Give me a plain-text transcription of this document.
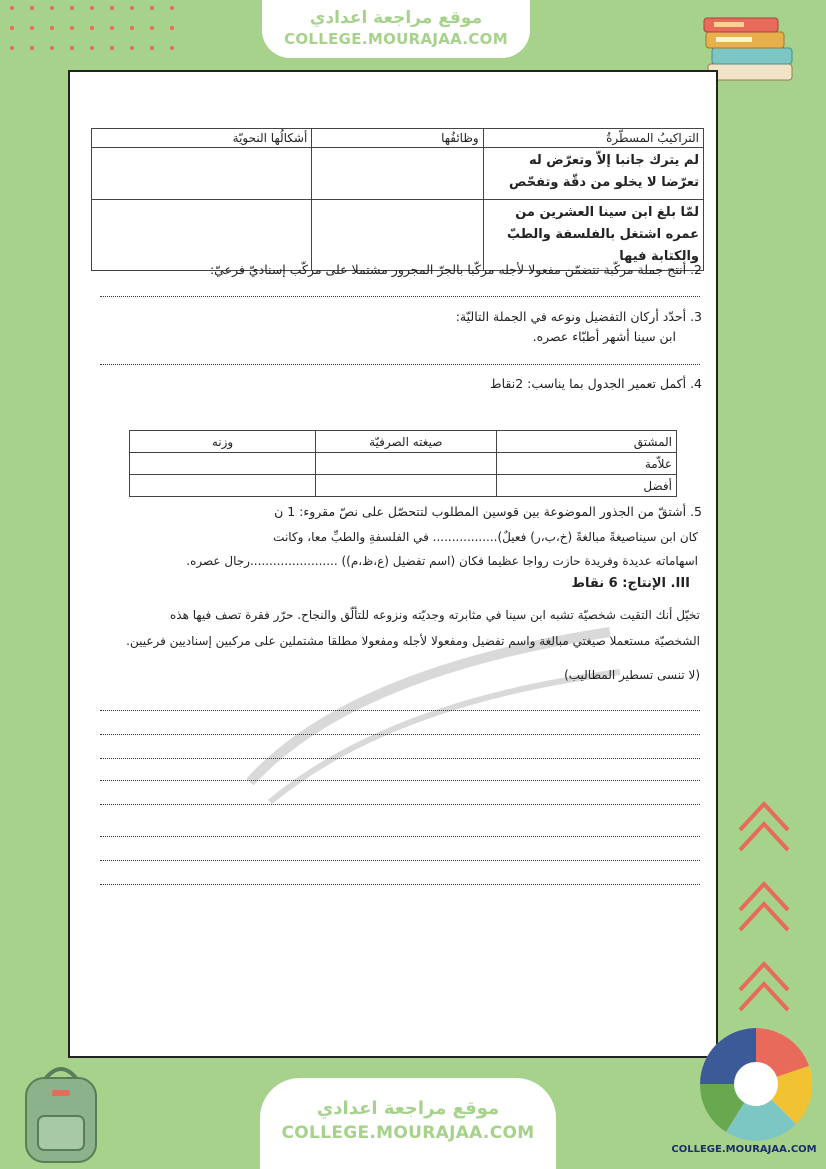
موقع مراجعة اعدادي
COLLEGE.MOURAJAA.COM
التراكيبُ المسطّرةُ	وظائفُها	أشكالُها النحويّة
لم يترك جانبا إلاّ وتعرّض له تعرّضا لا يخلو من دقّة وتفحّص		
لمّا بلغ ابن سينا العشرين من عمره اشتغل بالفلسفة والطبّ والكتابة فيها		
2. أنتج جملة مركّبة تتضمّن مفعولا لأجله مركّبا بالجرّ المجرور مشتملا على مركّب إسناديّ فرعيّ:
3. أحدّد أركان التفضيل ونوعه في الجملة التاليّة:
ابن سينا أشهر أطبّاء عصره.
4. أكمل تعمير الجدول بما يناسب: 2نقاط
المشتق	صيغته الصرفيّة	وزنه
علاّمة		
أفضل		
5. أشتقّ من الجذور الموضوعة بين قوسين المطلوب لتتحصّل على نصّ مقروء: 1 ن
كان ابن سيناصيغةً مبالغةً (خ،ب،ر) فعيلٌ)................. في الفلسفةِ والطبِّ معا، وكانت
اسهاماته عديدة وفريدة حازت رواجا عظيما فكان (اسم تفضيل (ع،ظ،م)) .......................رجال عصره.
III. الإنتاج: 6 نقاط
تخيّل أنك التقيت شخصيّة تشبه ابن سينا في مثابرته وجديّته ونزوعه للتألّق والنجاح. حرّر فقرة تصف فيها هذه
الشخصيّة مستعملا صيغتي مبالغة واسم تفضيل ومفعولا لأجله ومفعولا مطلقا مشتملين على مركبين إسناديين فرعيين.
(لا تنسى تسطير المطاليب)
موقع مراجعة اعدادي
COLLEGE.MOURAJAA.COM
COLLEGE.MOURAJAA.COM
